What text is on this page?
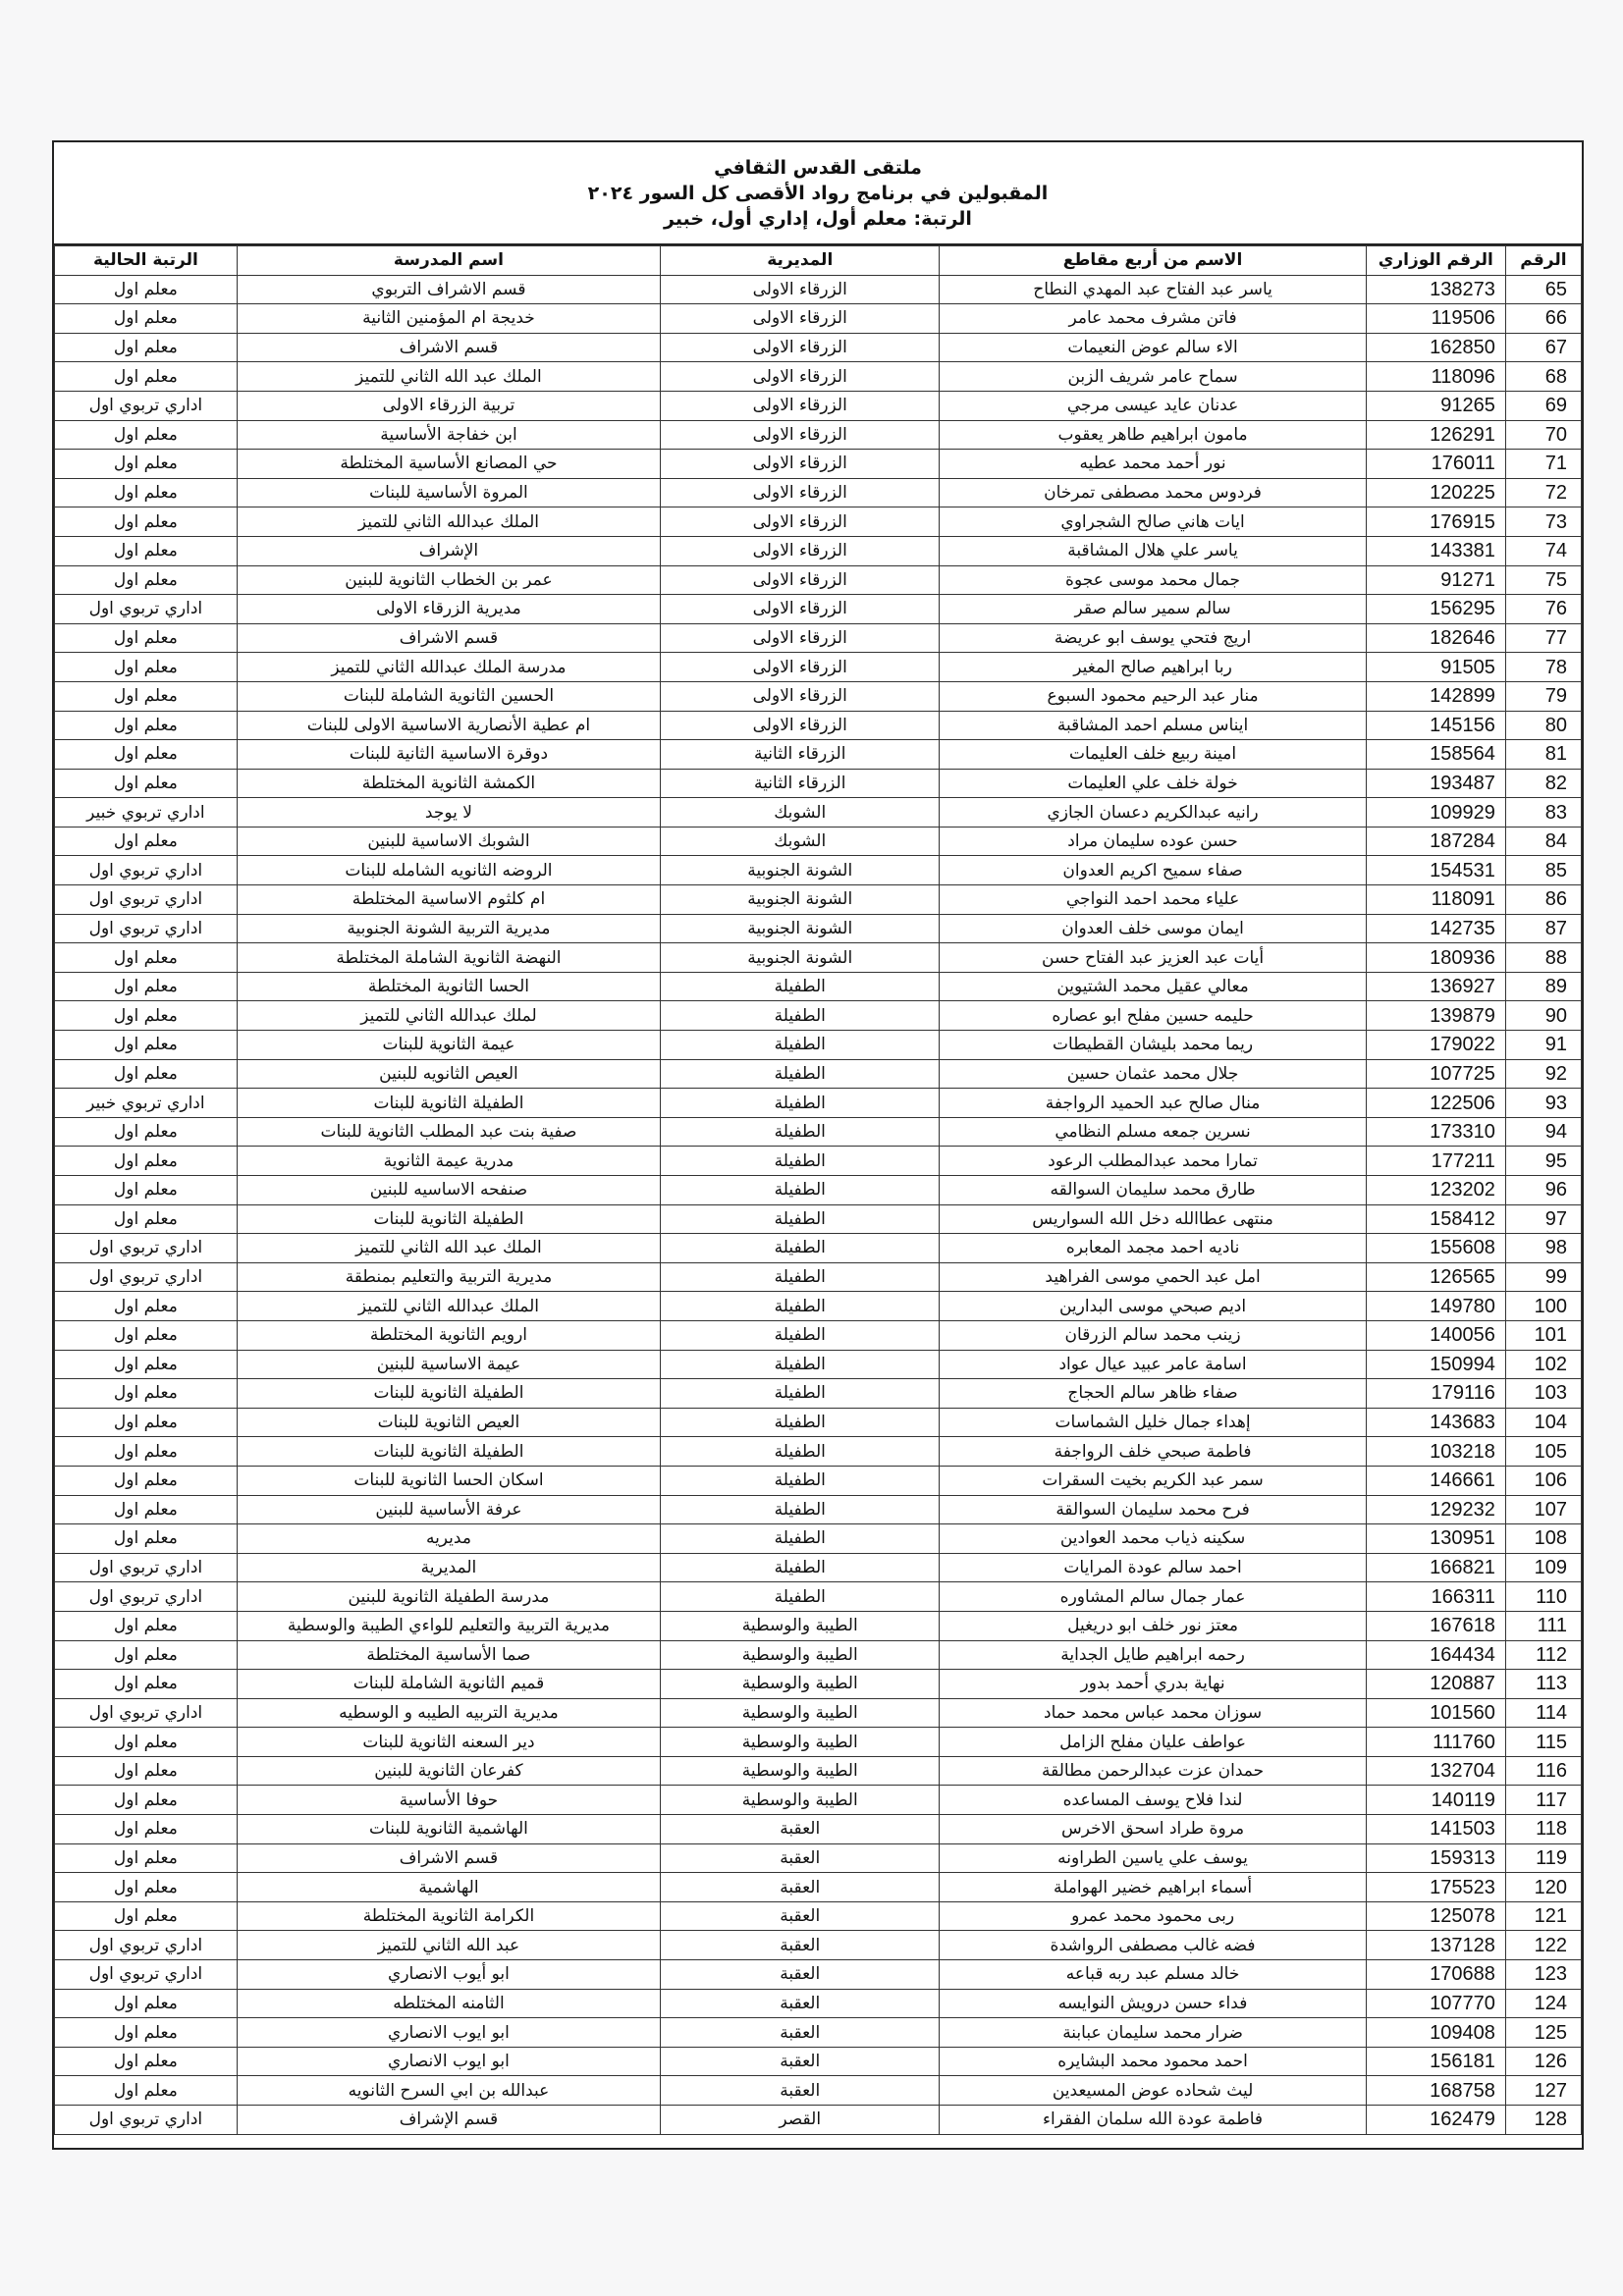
ملتقى القدس الثقافي
المقبولين في برنامج رواد الأقصى كل السور ٢٠٢٤
الرتبة: معلم أول، إداري أول، خبير
الرقم	الرقم الوزاري	الاسم من أربع مقاطع	المديرية	اسم المدرسة	الرتبة الحالية
65	138273	ياسر عبد الفتاح عبد المهدي النطاح	الزرقاء الاولى	قسم الاشراف التربوي	معلم اول
66	119506	فاتن مشرف محمد عامر	الزرقاء الاولى	خديجة ام المؤمنين الثانية	معلم اول
67	162850	الاء سالم عوض النعيمات	الزرقاء الاولى	قسم الاشراف	معلم اول
68	118096	سماح عامر شريف الزبن	الزرقاء الاولى	الملك عبد الله الثاني للتميز	معلم اول
69	91265	عدنان عايد عيسى مرجي	الزرقاء الاولى	تربية الزرقاء الاولى	اداري تربوي اول
70	126291	مامون ابراهيم طاهر يعقوب	الزرقاء الاولى	ابن خفاجة الأساسية	معلم اول
71	176011	نور أحمد محمد عطيه	الزرقاء الاولى	حي المصانع الأساسية المختلطة	معلم اول
72	120225	فردوس محمد مصطفى تمرخان	الزرقاء الاولى	المروة الأساسية للبنات	معلم اول
73	176915	ايات هاني صالح الشجراوي	الزرقاء الاولى	الملك عبدالله الثاني للتميز	معلم اول
74	143381	ياسر علي هلال المشاقبة	الزرقاء الاولى	الإشراف	معلم اول
75	91271	جمال محمد موسى عجوة	الزرقاء الاولى	عمر بن الخطاب الثانوية للبنين	معلم اول
76	156295	سالم سمير سالم صقر	الزرقاء الاولى	مديرية الزرقاء الاولى	اداري تربوي اول
77	182646	اريج فتحي يوسف ابو عريضة	الزرقاء الاولى	قسم الاشراف	معلم اول
78	91505	ربا ابراهيم صالح المغير	الزرقاء الاولى	مدرسة الملك عبدالله الثاني للتميز	معلم اول
79	142899	منار عبد الرحيم محمود السبوع	الزرقاء الاولى	الحسين الثانوية الشاملة للبنات	معلم اول
80	145156	ايناس مسلم احمد المشاقبة	الزرقاء الاولى	ام عطية الأنصارية الاساسية الاولى للبنات	معلم اول
81	158564	امينة ربيع خلف العليمات	الزرقاء الثانية	دوقرة الاساسية الثانية للبنات	معلم اول
82	193487	خولة خلف علي العليمات	الزرقاء الثانية	الكمشة الثانوية المختلطة	معلم اول
83	109929	رانيه عبدالكريم دعسان الجازي	الشوبك	لا يوجد	اداري تربوي خبير
84	187284	حسن عوده سليمان مراد	الشوبك	الشوبك الاساسية للبنين	معلم اول
85	154531	صفاء سميح اكريم العدوان	الشونة الجنوبية	الروضه الثانويه الشامله للبنات	اداري تربوي اول
86	118091	علياء محمد احمد النواجي	الشونة الجنوبية	ام كلثوم الاساسية المختلطة	اداري تربوي اول
87	142735	ايمان موسى خلف العدوان	الشونة الجنوبية	مديرية التربية الشونة الجنوبية	اداري تربوي اول
88	180936	أيات عبد العزيز عبد الفتاح حسن	الشونة الجنوبية	النهضة الثانوية الشاملة المختلطة	معلم اول
89	136927	معالي عقيل محمد الشتيوين	الطفيلة	الحسا الثانوية المختلطة	معلم اول
90	139879	حليمه حسين مفلح ابو عصاره	الطفيلة	لملك عبدالله الثاني للتميز	معلم اول
91	179022	ريما محمد بليشان القطيطات	الطفيلة	عيمة الثانوية للبنات	معلم اول
92	107725	جلال محمد عثمان حسين	الطفيلة	العيص الثانويه للبنين	معلم اول
93	122506	منال صالح عبد الحميد الرواجفة	الطفيلة	الطفيلة الثانوية للبنات	اداري تربوي خبير
94	173310	نسرين جمعه مسلم النظامي	الطفيلة	صفية بنت عبد المطلب الثانوية للبنات	معلم اول
95	177211	تمارا محمد عبدالمطلب الرعود	الطفيلة	مدرية عيمة الثانوية	معلم اول
96	123202	طارق محمد سليمان السوالقه	الطفيلة	صنفحه الاساسيه للبنين	معلم اول
97	158412	منتهى عطاالله دخل الله السواريس	الطفيلة	الطفيلة الثانوية للبنات	معلم اول
98	155608	ناديه احمد مجمد المعابره	الطفيلة	الملك عبد الله الثاني للتميز	اداري تربوي اول
99	126565	امل عبد الحمي موسى الفراهيد	الطفيلة	مديرية التربية والتعليم بمنطقة	اداري تربوي اول
100	149780	اديم صبحي موسى البدارين	الطفيلة	الملك عبدالله الثاني للتميز	معلم اول
101	140056	زينب محمد سالم الزرقان	الطفيلة	ارويم الثانوية المختلطة	معلم اول
102	150994	اسامة عامر عبيد عيال عواد	الطفيلة	عيمة الاساسية للبنين	معلم اول
103	179116	صفاء ظاهر سالم الحجاج	الطفيلة	الطفيلة الثانوية للبنات	معلم اول
104	143683	إهداء جمال خليل الشماسات	الطفيلة	العيص الثانوية للبنات	معلم اول
105	103218	فاطمة صبحي خلف الرواجفة	الطفيلة	الطفيلة الثانوية للبنات	معلم اول
106	146661	سمر عبد الكريم بخيت السقرات	الطفيلة	اسكان الحسا الثانوية للبنات	معلم اول
107	129232	فرح محمد سليمان السوالقة	الطفيلة	عرفة الأساسية للبنين	معلم اول
108	130951	سكينه ذياب محمد العوادين	الطفيلة	مديريه	معلم اول
109	166821	احمد سالم عودة المرايات	الطفيلة	المديرية	اداري تربوي اول
110	166311	عمار جمال سالم المشاوره	الطفيلة	مدرسة الطفيلة الثانوية للبنين	اداري تربوي اول
111	167618	معتز نور خلف ابو دريغيل	الطيبة والوسطية	مديرية التربية والتعليم للواءي الطيبة والوسطية	معلم اول
112	164434	رحمه ابراهيم طايل الجداية	الطيبة والوسطية	صما الأساسية المختلطة	معلم اول
113	120887	نهاية بدري أحمد بدور	الطيبة والوسطية	قميم الثانوية الشاملة للبنات	معلم اول
114	101560	سوزان محمد عباس محمد حماد	الطيبة والوسطية	مديرية التربيه الطيبه و الوسطيه	اداري تربوي اول
115	111760	عواطف عليان مفلح الزامل	الطيبة والوسطية	دير السعنه الثانوية للبنات	معلم اول
116	132704	حمدان عزت عبدالرحمن مطالقة	الطيبة والوسطية	كفرعان الثانوية للبنين	معلم اول
117	140119	لندا فلاح يوسف المساعده	الطيبة والوسطية	حوفا الأساسية	معلم اول
118	141503	مروة طراد اسحق الاخرس	العقبة	الهاشمية الثانوية للبنات	معلم اول
119	159313	يوسف علي ياسين الطراونه	العقبة	قسم الاشراف	معلم اول
120	175523	أسماء ابراهيم خضير الهواملة	العقبة	الهاشمية	معلم اول
121	125078	ربى محمود محمد عمرو	العقبة	الكرامة الثانوية المختلطة	معلم اول
122	137128	فضه غالب مصطفى الرواشدة	العقبة	عبد الله الثاني للتميز	اداري تربوي اول
123	170688	خالد مسلم عبد ربه قباعه	العقبة	ابو أيوب الانصاري	اداري تربوي اول
124	107770	فداء حسن درويش النوايسه	العقبة	الثامنه المختلطه	معلم اول
125	109408	ضرار محمد سليمان عبابنة	العقبة	ابو ايوب الانصاري	معلم اول
126	156181	احمد محمود محمد البشايره	العقبة	ابو ايوب الانصاري	معلم اول
127	168758	ليث شحاده عوض المسيعدين	العقبة	عبدالله بن ابي السرح الثانويه	معلم اول
128	162479	فاطمة عودة الله سلمان الفقراء	القصر	قسم الإشراف	اداري تربوي اول
